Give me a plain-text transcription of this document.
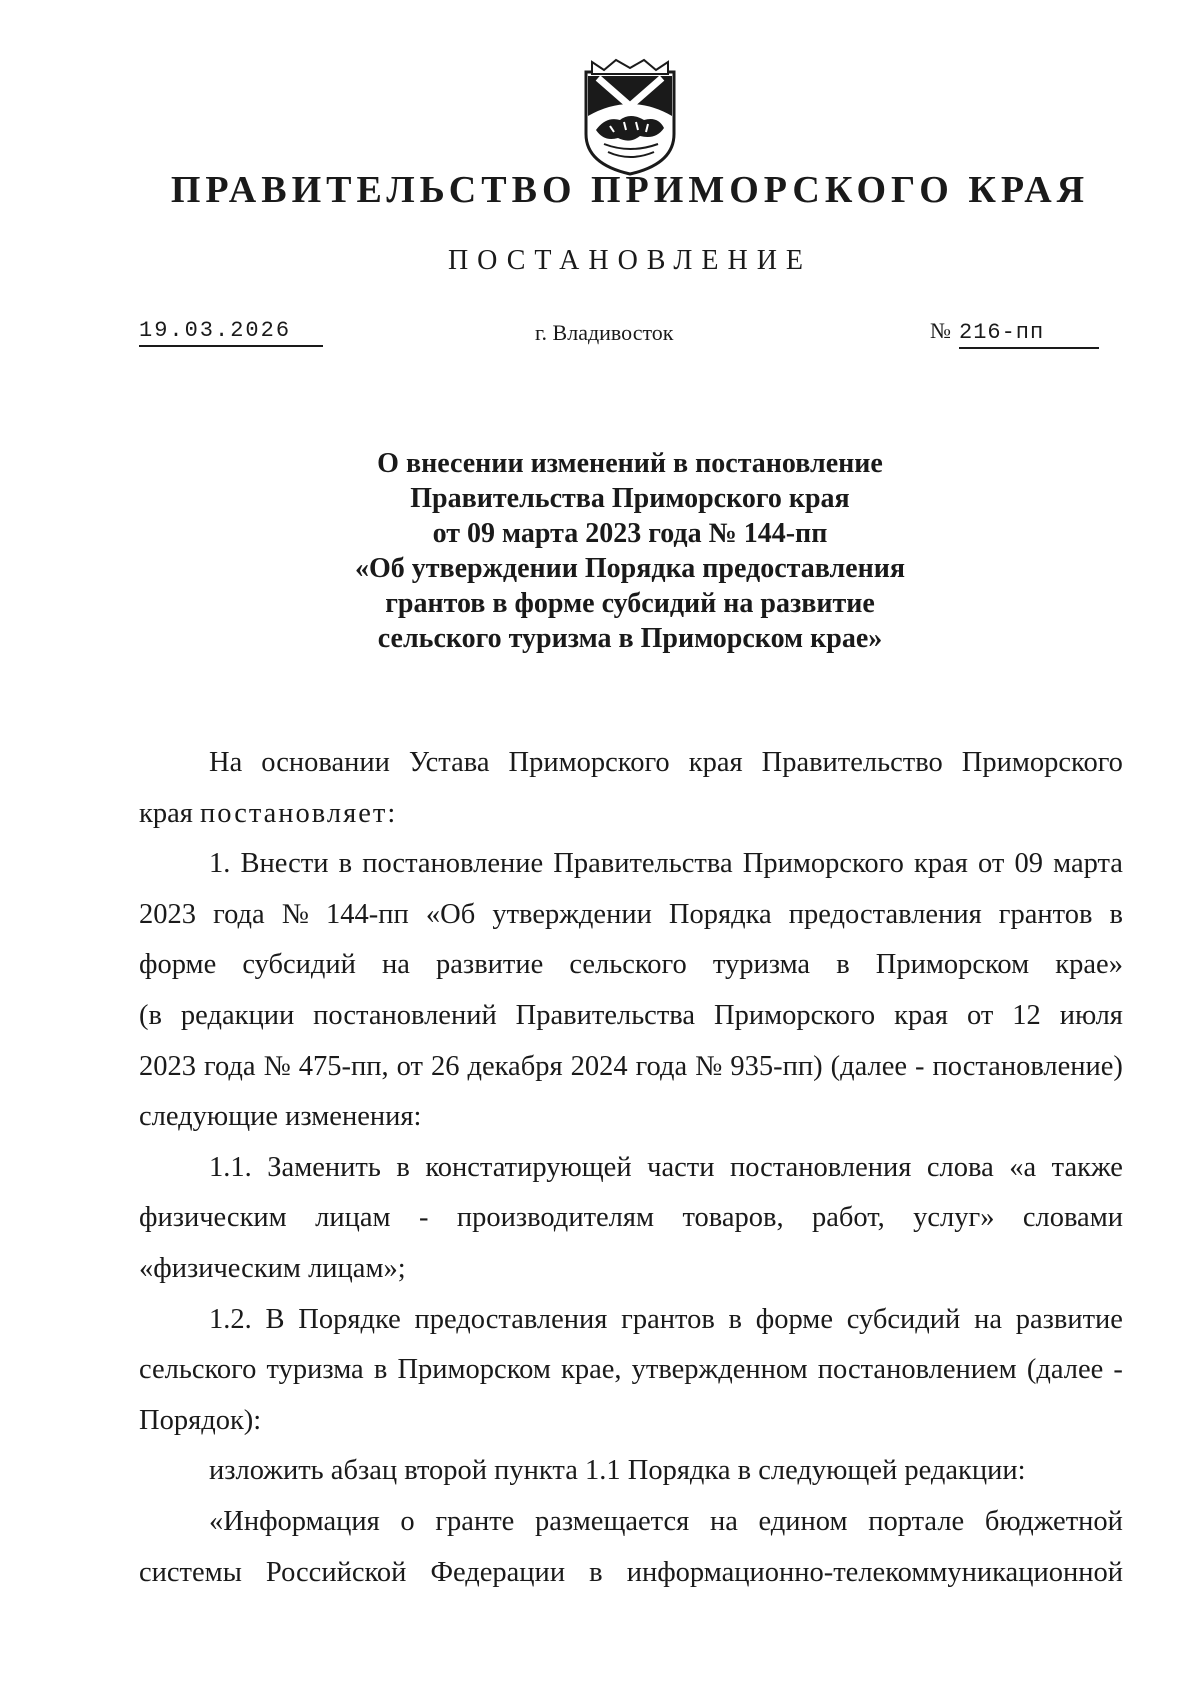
ПРАВИТЕЛЬСТВО ПРИМОРСКОГО КРАЯ
ПОСТАНОВЛЕНИЕ
19.03.2026	г. Владивосток	№ 216-пп
О внесении изменений в постановление
Правительства Приморского края
от 09 марта 2023 года № 144-пп
«Об утверждении Порядка предоставления
грантов в форме субсидий на развитие
сельского туризма в Приморском крае»
На основании Устава Приморского края Правительство Приморского
края постановляет:
1. Внести в постановление Правительства Приморского края от 09 марта
2023 года № 144-пп «Об утверждении Порядка предоставления грантов в
форме субсидий на развитие сельского туризма в Приморском крае»
(в редакции постановлений Правительства Приморского края от 12 июля
2023 года № 475-пп, от 26 декабря 2024 года № 935-пп) (далее - постановление)
следующие изменения:
1.1. Заменить в констатирующей части постановления слова «а также
физическим лицам - производителям товаров, работ, услуг» словами
«физическим лицам»;
1.2. В Порядке предоставления грантов в форме субсидий на развитие
сельского туризма в Приморском крае, утвержденном постановлением (далее -
Порядок):
изложить абзац второй пункта 1.1 Порядка в следующей редакции:
«Информация о гранте размещается на едином портале бюджетной
системы Российской Федерации в информационно-телекоммуникационной
